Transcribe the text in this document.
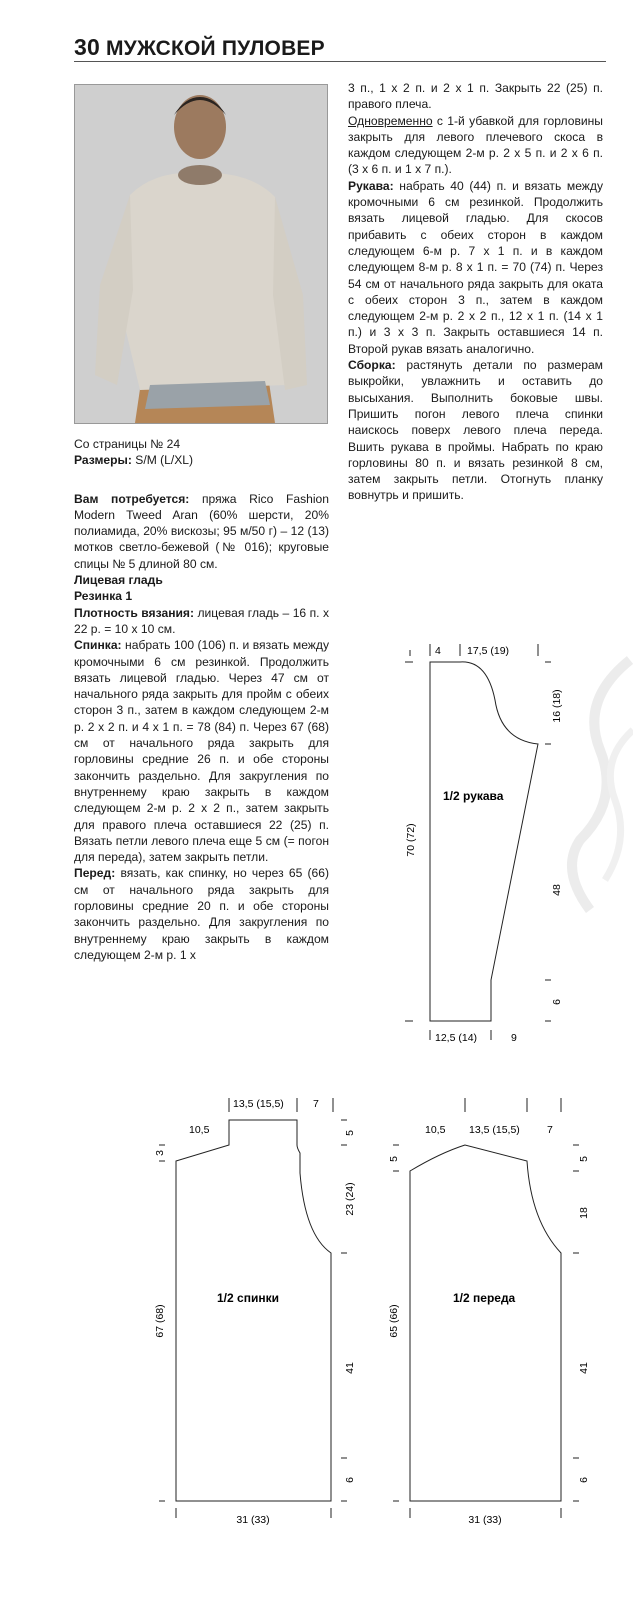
30 МУЖСКОЙ ПУЛОВЕР

Со страницы № 24

Размеры: S/M (L/XL)

Вам потребуется: пряжа Rico Fashion Modern Tweed Aran (60% шерсти, 20% полиамида, 20% вискозы; 95 м/50 г) – 12 (13) мотков светло-бежевой (№ 016); круговые спицы № 5 длиной 80 см.

Лицевая гладь

Резинка 1

Плотность вязания: лицевая гладь – 16 п. х 22 р. = 10 х 10 см.

Спинка: набрать 100 (106) п. и вязать между кромочными 6 см резинкой. Продолжить вязать лицевой гладью. Через 47 см от начального ряда закрыть для пройм с обеих сторон 3 п., затем в каждом следующем 2-м р. 2 х 2 п. и 4 х 1 п. = 78 (84) п. Через 67 (68) см от начального ряда закрыть для горловины средние 26 п. и обе стороны закончить раздельно. Для закругления по внутреннему краю закрыть в каждом следующем 2-м р. 2 х 2 п., затем закрыть для правого плеча оставшиеся 22 (25) п. Вязать петли левого плеча еще 5 см (= погон для переда), затем закрыть петли.

Перед: вязать, как спинку, но через 65 (66) см от начального ряда закрыть для горловины средние 20 п. и обе стороны закончить раздельно. Для закругления по внутреннему краю закрыть в каждом следующем 2-м р. 1 х

3 п., 1 х 2 п. и 2 х 1 п. Закрыть 22 (25) п. правого плеча.

Одновременно с 1-й убавкой для горловины закрыть для левого плечевого скоса в каждом следующем 2-м р. 2 х 5 п. и 2 х 6 п. (3 х 6 п. и 1 х 7 п.).

Рукава: набрать 40 (44) п. и вязать между кромочными 6 см резинкой. Продолжить вязать лицевой гладью. Для скосов прибавить с обеих сторон в каждом следующем 6-м р. 7 х 1 п. и в каждом следующем 8-м р. 8 х 1 п. = 70 (74) п. Через 54 см от начального ряда закрыть для оката с обеих сторон 3 п., затем в каждом следующем 2-м р. 2 х 2 п., 12 х 1 п. (14 х 1 п.) и 3 х 3 п. Закрыть оставшиеся 14 п. Второй рукав вязать аналогично.

Сборка: растянуть детали по размерам выкройки, увлажнить и оставить до высыхания. Выполнить боковые швы. Пришить погон левого плеча спинки наискось поверх левого плеча переда. Вшить рукава в проймы. Набрать по краю горловины 80 п. и вязать резинкой 8 см, затем закрыть петли. Отогнуть планку вовнутрь и пришить.

4 17,5 (19)
1/2 рукава
16 (18)
48
6
70 (72)
12,5 (14)	9
13,5 (15,5)	7
10,5
3
67 (68)
1/2 спинки
5
23 (24)
41
6
31 (33)
10,5 13,5 (15,5)	7
5
65 (66)
1/2 переда
5
18
41
6
31 (33)
